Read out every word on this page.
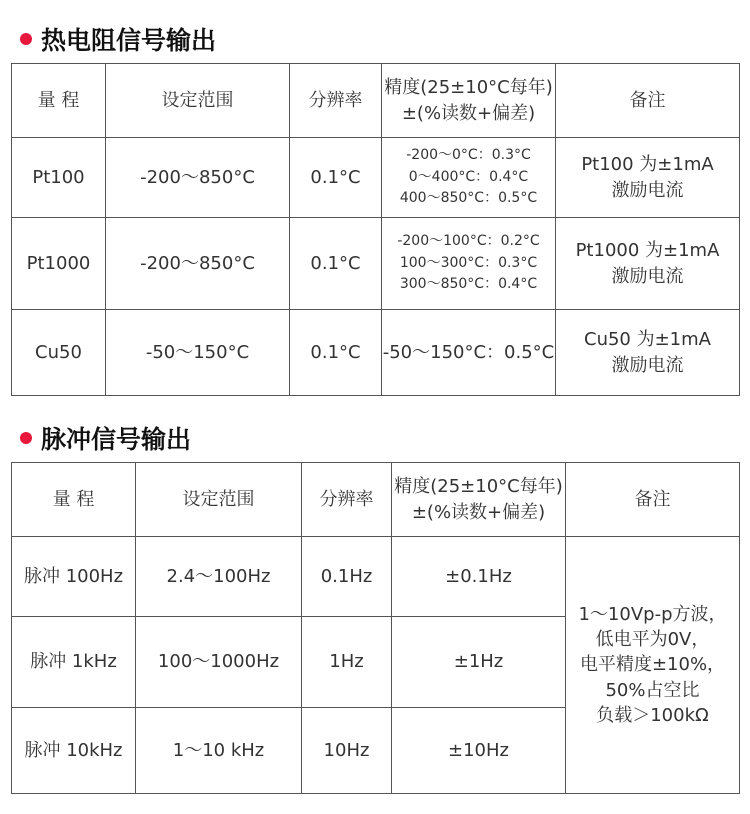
热电阻信号输出
量 程	设定范围	分辨率	精度(25±10°C每年)
±(%读数+偏差)	备注
Pt100	-200～850°C	0.1°C	-200～0°C：0.3°C
0～400°C：0.4°C
400～850°C：0.5°C	Pt100 为±1mA
激励电流

Pt1000	-200～850°C	0.1°C	-200～100°C：0.2°C
100～300°C：0.3°C
300～850°C：0.4°C	Pt1000 为±1mA
激励电流

Cu50	-50～150°C	0.1°C	-50～150°C：0.5°C	Cu50 为±1mA
激励电流
脉冲信号输出
量 程	设定范围	分辨率	精度(25±10°C每年)
±(%读数+偏差)	备注
脉冲 100Hz	2.4～100Hz	0.1Hz	±0.1Hz	1～10Vp-p方波，
低电平为0V，
电平精度±10%，
50%占空比
负载＞100kΩ

脉冲 1kHz	100～1000Hz	1Hz	±1Hz	
脉冲 10kHz	1～10 kHz	10Hz	±10Hz	
